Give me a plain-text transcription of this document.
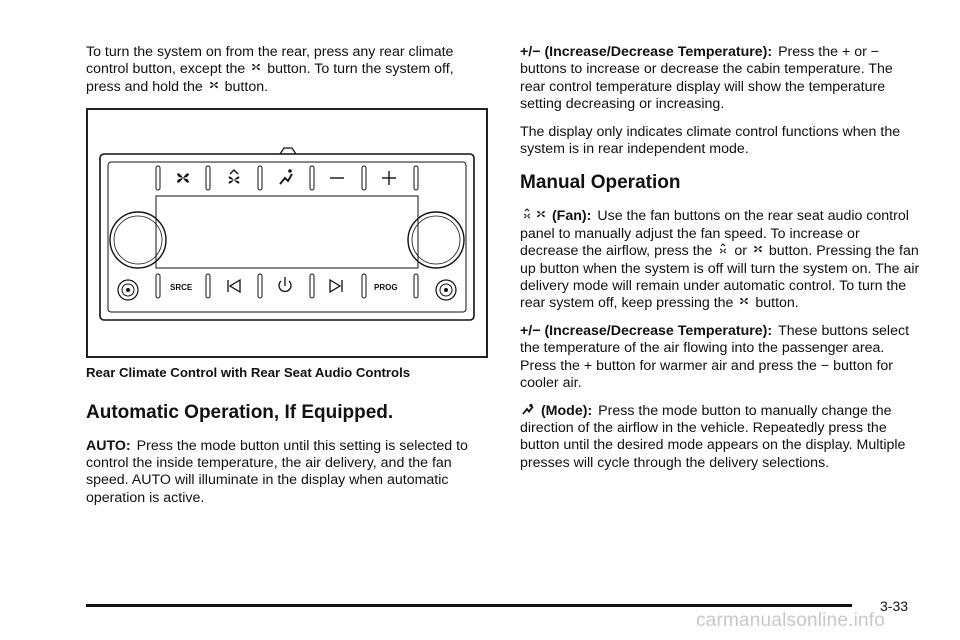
To turn the system on from the rear, press any rear climate control button, except the button. To turn the system off, press and hold the button.

SRCE	PROG
Rear Climate Control with Rear Seat Audio Controls
Automatic Operation, If Equipped.

AUTO: Press the mode button until this setting is selected to control the inside temperature, the air delivery, and the fan speed. AUTO will illuminate in the display when automatic operation is active.

+/− (Increase/Decrease Temperature): Press the + or − buttons to increase or decrease the cabin temperature. The rear control temperature display will show the temperature setting decreasing or increasing.

The display only indicates climate control functions when the system is in rear independent mode.

Manual Operation

(Fan): Use the fan buttons on the rear seat audio control panel to manually adjust the fan speed. To increase or decrease the airflow, press the or button. Pressing the fan up button when the system is off will turn the system on. The air delivery mode will remain under automatic control. To turn the rear system off, keep pressing the button.

+/− (Increase/Decrease Temperature): These buttons select the temperature of the air flowing into the passenger area. Press the + button for warmer air and press the − button for cooler air.

(Mode): Press the mode button to manually change the direction of the airflow in the vehicle. Repeatedly press the button until the desired mode appears on the display. Multiple presses will cycle through the delivery selections.

3-33
carmanualsonline.info
